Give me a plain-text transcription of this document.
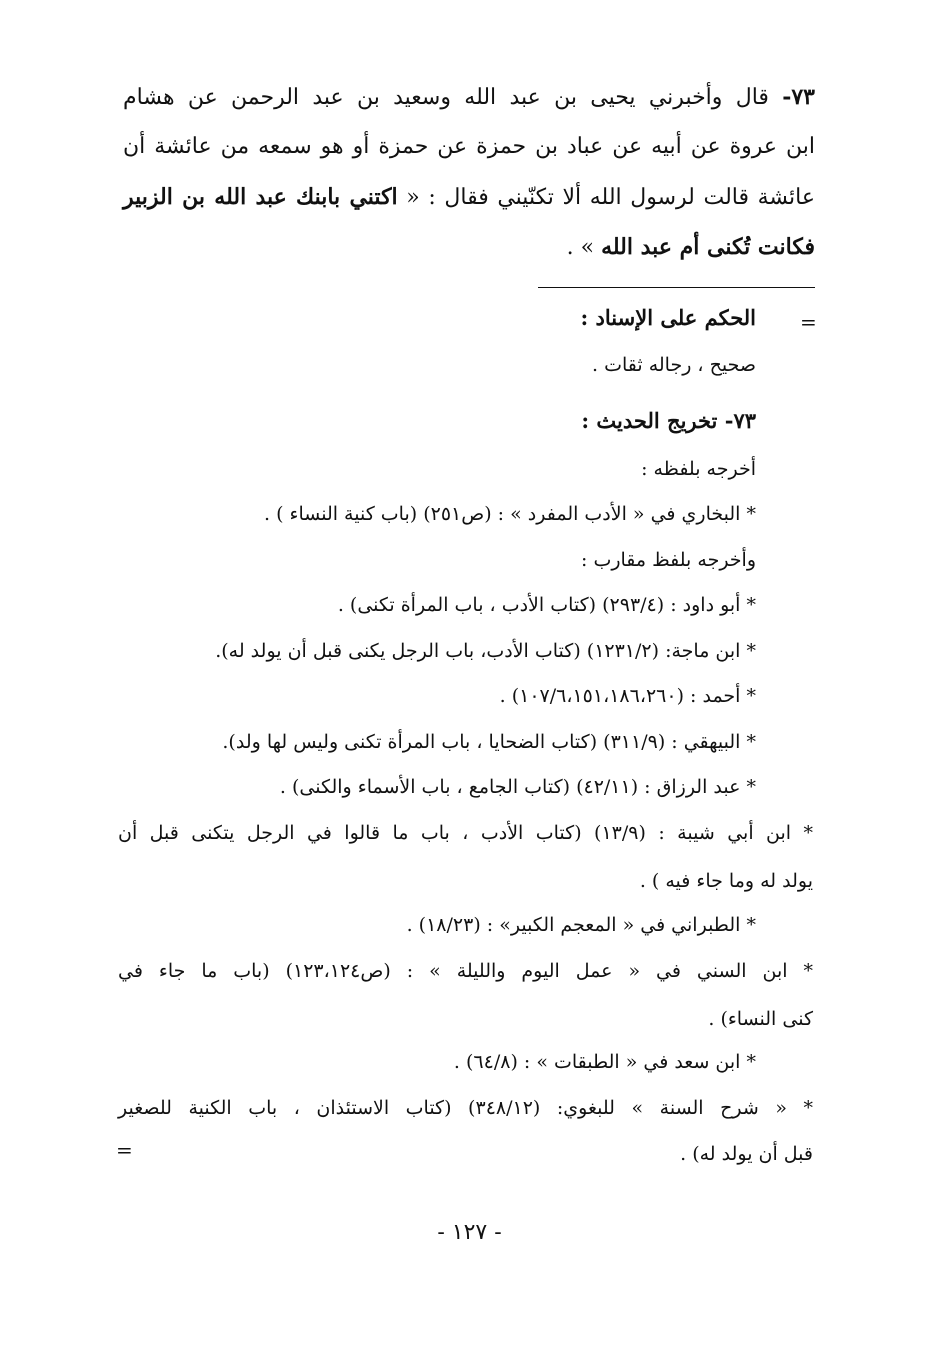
٧٣- قال وأخبرني يحيى بن عبد الله وسعيد بن عبد الرحمن عن هشام
ابن عروة عن أبيه عن عباد بن حمزة عن حمزة أو هو سمعه من عائشة أن
عائشة قالت لرسول الله ألا تكنّيني فقال : « اكتني بابنك عبد الله بن الزبير
فكانت تُكنى أم عبد الله » .
=
الحكم على الإسناد :
صحيح ، رجاله ثقات .
٧٣- تخريج الحديث :
أخرجه بلفظه :
* البخاري في « الأدب المفرد » : (ص٢٥١) (باب كنية النساء ) .
وأخرجه بلفظ مقارب :
* أبو داود : (٢٩٣/٤) (كتاب الأدب ، باب المرأة تكنى) .
* ابن ماجة: (١٢٣١/٢) (كتاب الأدب، باب الرجل يكنى قبل أن يولد له).
* أحمد : (١٠٧/٦،١٥١،١٨٦،٢٦٠) .
* البيهقي : (٣١١/٩) (كتاب الضحايا ، باب المرأة تكنى وليس لها ولد).
* عبد الرزاق : (٤٢/١١) (كتاب الجامع ، باب الأسماء والكنى) .
* ابن أبي شيبة : (١٣/٩) (كتاب الأدب ، باب ما قالوا في الرجل يتكنى قبل أن
يولد له وما جاء فيه ) .
* الطبراني في « المعجم الكبير» : (١٨/٢٣) .
* ابن السني في « عمل اليوم والليلة » : (ص١٢٣،١٢٤) (باب ما جاء في
كنى النساء) .
* ابن سعد في « الطبقات » : (٦٤/٨) .
* « شرح السنة » للبغوي: (٣٤٨/١٢) (كتاب الاستئذان ، باب الكنية للصغير
قبل أن يولد له) .
=
- ١٢٧ -
